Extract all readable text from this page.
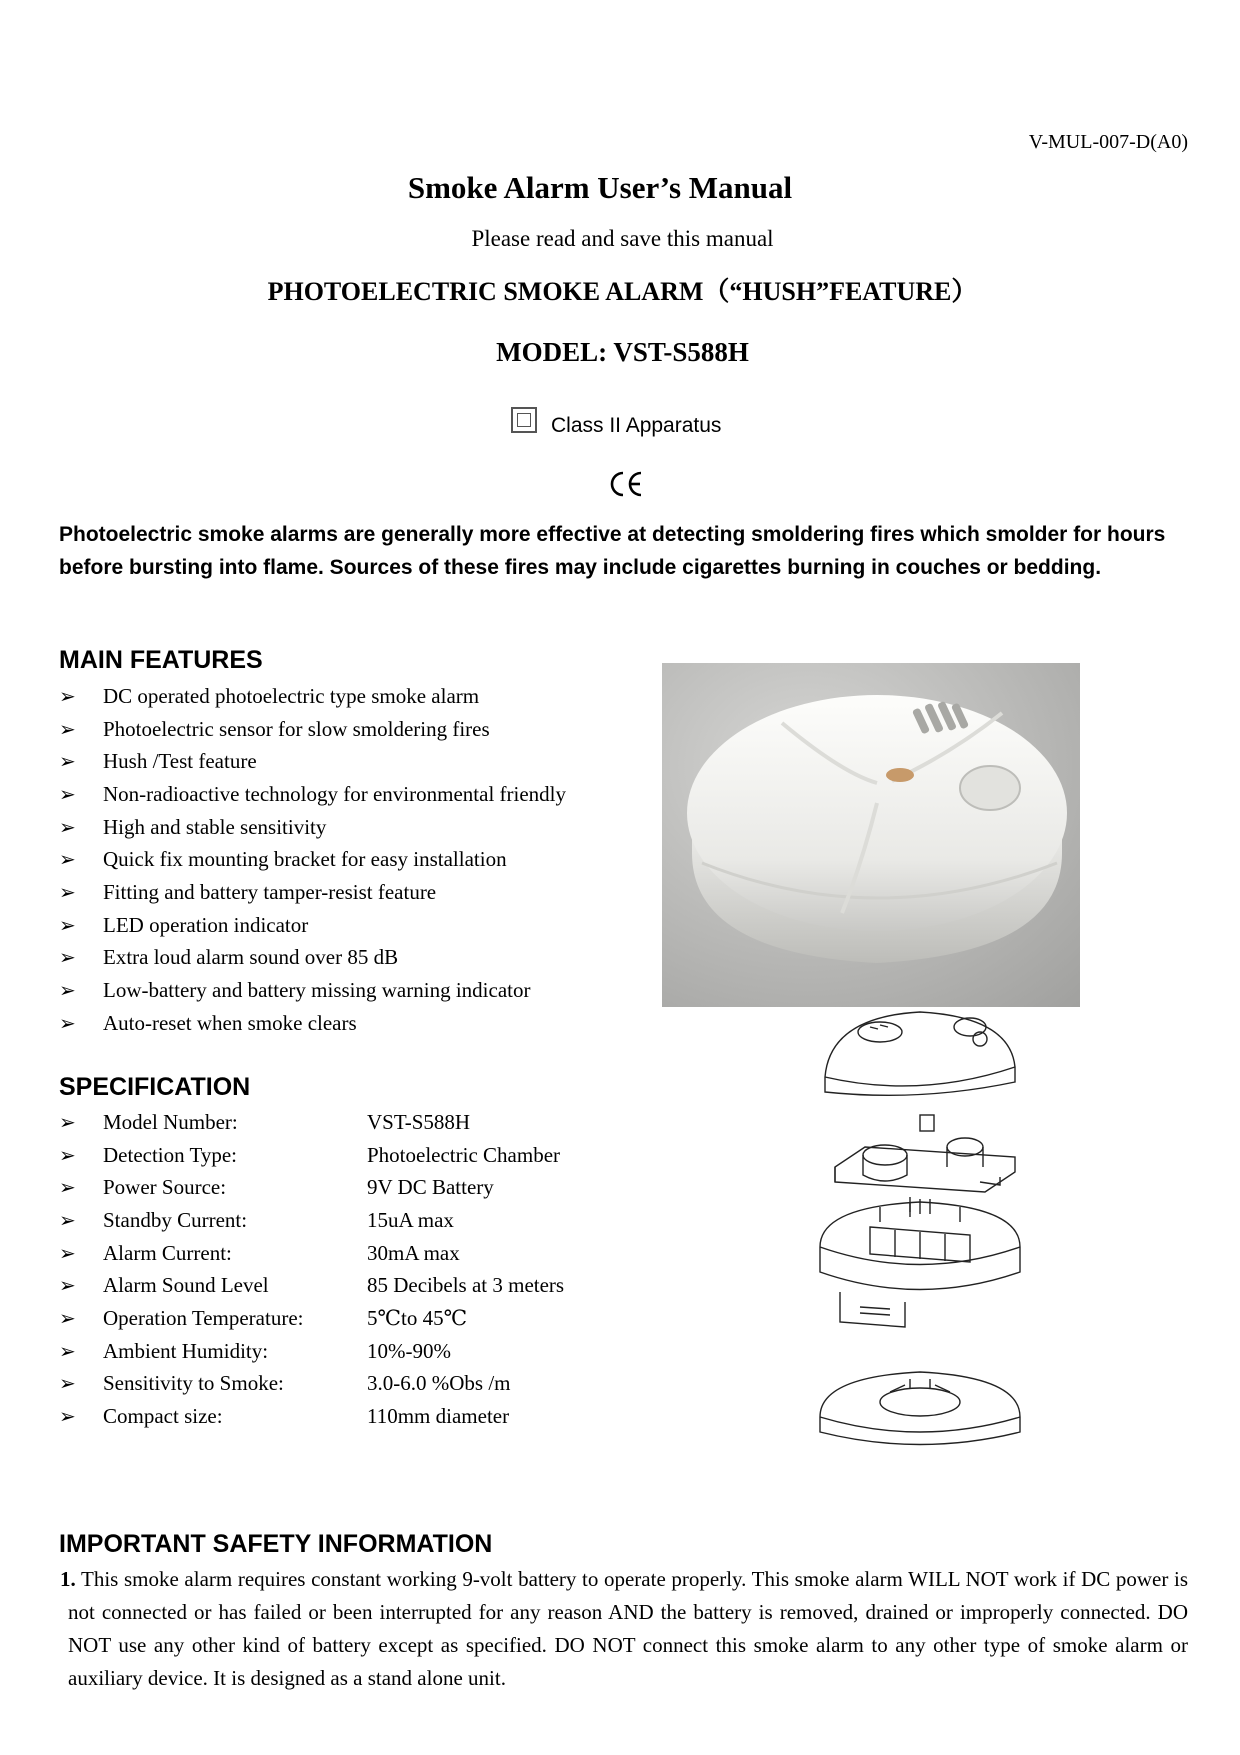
V-MUL-007-D(A0)
Smoke Alarm User’s Manual
Please read and save this manual
PHOTOELECTRIC SMOKE ALARM（“HUSH”FEATURE）
MODEL: VST-S588H
Class II Apparatus
Photoelectric smoke alarms are generally more effective at detecting smoldering fires which smolder for hours before bursting into flame. Sources of these fires may include cigarettes burning in couches or bedding.
MAIN FEATURES
➢	DC operated photoelectric type smoke alarm
➢	Photoelectric sensor for slow smoldering fires
➢	Hush /Test feature
➢	Non-radioactive technology for environmental friendly
➢	High and stable sensitivity
➢	Quick fix mounting bracket for easy installation
➢	Fitting and battery tamper-resist feature
➢	LED operation indicator
➢	Extra loud alarm sound over 85 dB
➢	Low-battery and battery missing warning indicator
➢	Auto-reset when smoke clears
SPECIFICATION
➢	Model Number:	VST-S588H
➢	Detection Type:	Photoelectric Chamber
➢	Power Source:	9V DC Battery
➢	Standby Current:	15uA max
➢	Alarm Current:	30mA max
➢	Alarm Sound Level	85 Decibels at 3 meters
➢	Operation Temperature:	5℃to 45℃
➢	Ambient Humidity:	10%-90%
➢	Sensitivity to Smoke:	3.0-6.0 %Obs /m
➢	Compact size:	110mm diameter
IMPORTANT SAFETY INFORMATION
1. This smoke alarm requires constant working 9-volt battery to operate properly. This smoke alarm WILL NOT work if DC power is not connected or has failed or been interrupted for any reason AND the battery is removed, drained or improperly connected. DO NOT use any other kind of battery except as specified. DO NOT connect this smoke alarm to any other type of smoke alarm or auxiliary device. It is designed as a stand alone unit.
